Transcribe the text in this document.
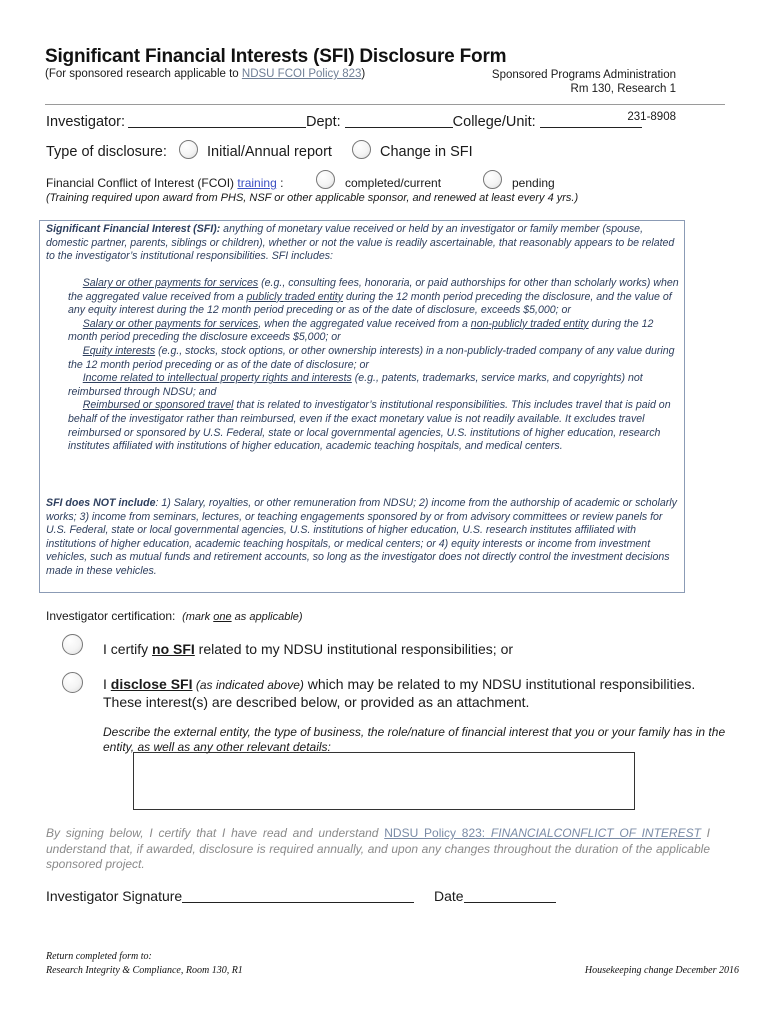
Significant Financial Interests (SFI) Disclosure Form
(For sponsored research applicable to NDSU FCOI Policy 823)	Sponsored Programs Administration
Rm 130, Research 1

231-8908
Investigator:	Dept:	College/Unit:
Type of disclosure:	Initial/Annual report	Change in SFI
Financial Conflict of Interest (FCOI) training :	completed/current	pending
(Training required upon award from PHS, NSF or other applicable sponsor, and renewed at least every 4 yrs.)
Significant Financial Interest (SFI): anything of monetary value received or held by an investigator or family member (spouse, domestic partner, parents, siblings or children), whether or not the value is readily ascertainable, that reasonably appears to be related to the investigator’s institutional responsibilities. SFI includes:

Salary or other payments for services (e.g., consulting fees, honoraria, or paid authorships for other than scholarly works) when the aggregated value received from a publicly traded entity during the 12 month period preceding the disclosure, and the value of any equity interest during the 12 month period preceding or as of the date of disclosure, exceeds $5,000; or

Salary or other payments for services, when the aggregated value received from a non-publicly traded entity during the 12 month period preceding the disclosure exceeds $5,000; or

Equity interests (e.g., stocks, stock options, or other ownership interests) in a non-publicly-traded company of any value during the 12 month period preceding or as of the date of disclosure; or

Income related to intellectual property rights and interests (e.g., patents, trademarks, service marks, and copyrights) not reimbursed through NDSU; and

Reimbursed or sponsored travel that is related to investigator’s institutional responsibilities. This includes travel that is paid on behalf of the investigator rather than reimbursed, even if the exact monetary value is not readily available. It excludes travel reimbursed or sponsored by U.S. Federal, state or local governmental agencies, U.S. institutions of higher education, research institutes affiliated with institutions of higher education, academic teaching hospitals, and medical centers.

SFI does NOT include: 1) Salary, royalties, or other remuneration from NDSU; 2) income from the authorship of academic or scholarly works; 3) income from seminars, lectures, or teaching engagements sponsored by or from advisory committees or review panels for U.S. Federal, state or local governmental agencies, U.S. institutions of higher education, U.S. research institutes affiliated with institutions of higher education, academic teaching hospitals, or medical centers; or 4) equity interests or income from investment vehicles, such as mutual funds and retirement accounts, so long as the investigator does not directly control the investment decisions made in these vehicles.
Investigator certification: (mark one as applicable)
I certify no SFI related to my NDSU institutional responsibilities; or
I disclose SFI (as indicated above) which may be related to my NDSU institutional responsibilities.
These interest(s) are described below, or provided as an attachment.
Describe the external entity, the type of business, the role/nature of financial interest that you or your family has in the entity, as well as any other relevant details:
By signing below, I certify that I have read and understand NDSU Policy 823: FINANCIALCONFLICT OF INTEREST I understand that, if awarded, disclosure is required annually, and upon any changes throughout the duration of the applicable sponsored project.
Investigator Signature	Date
Return completed form to:
Research Integrity & Compliance, Room 130, R1	Housekeeping change December 2016
